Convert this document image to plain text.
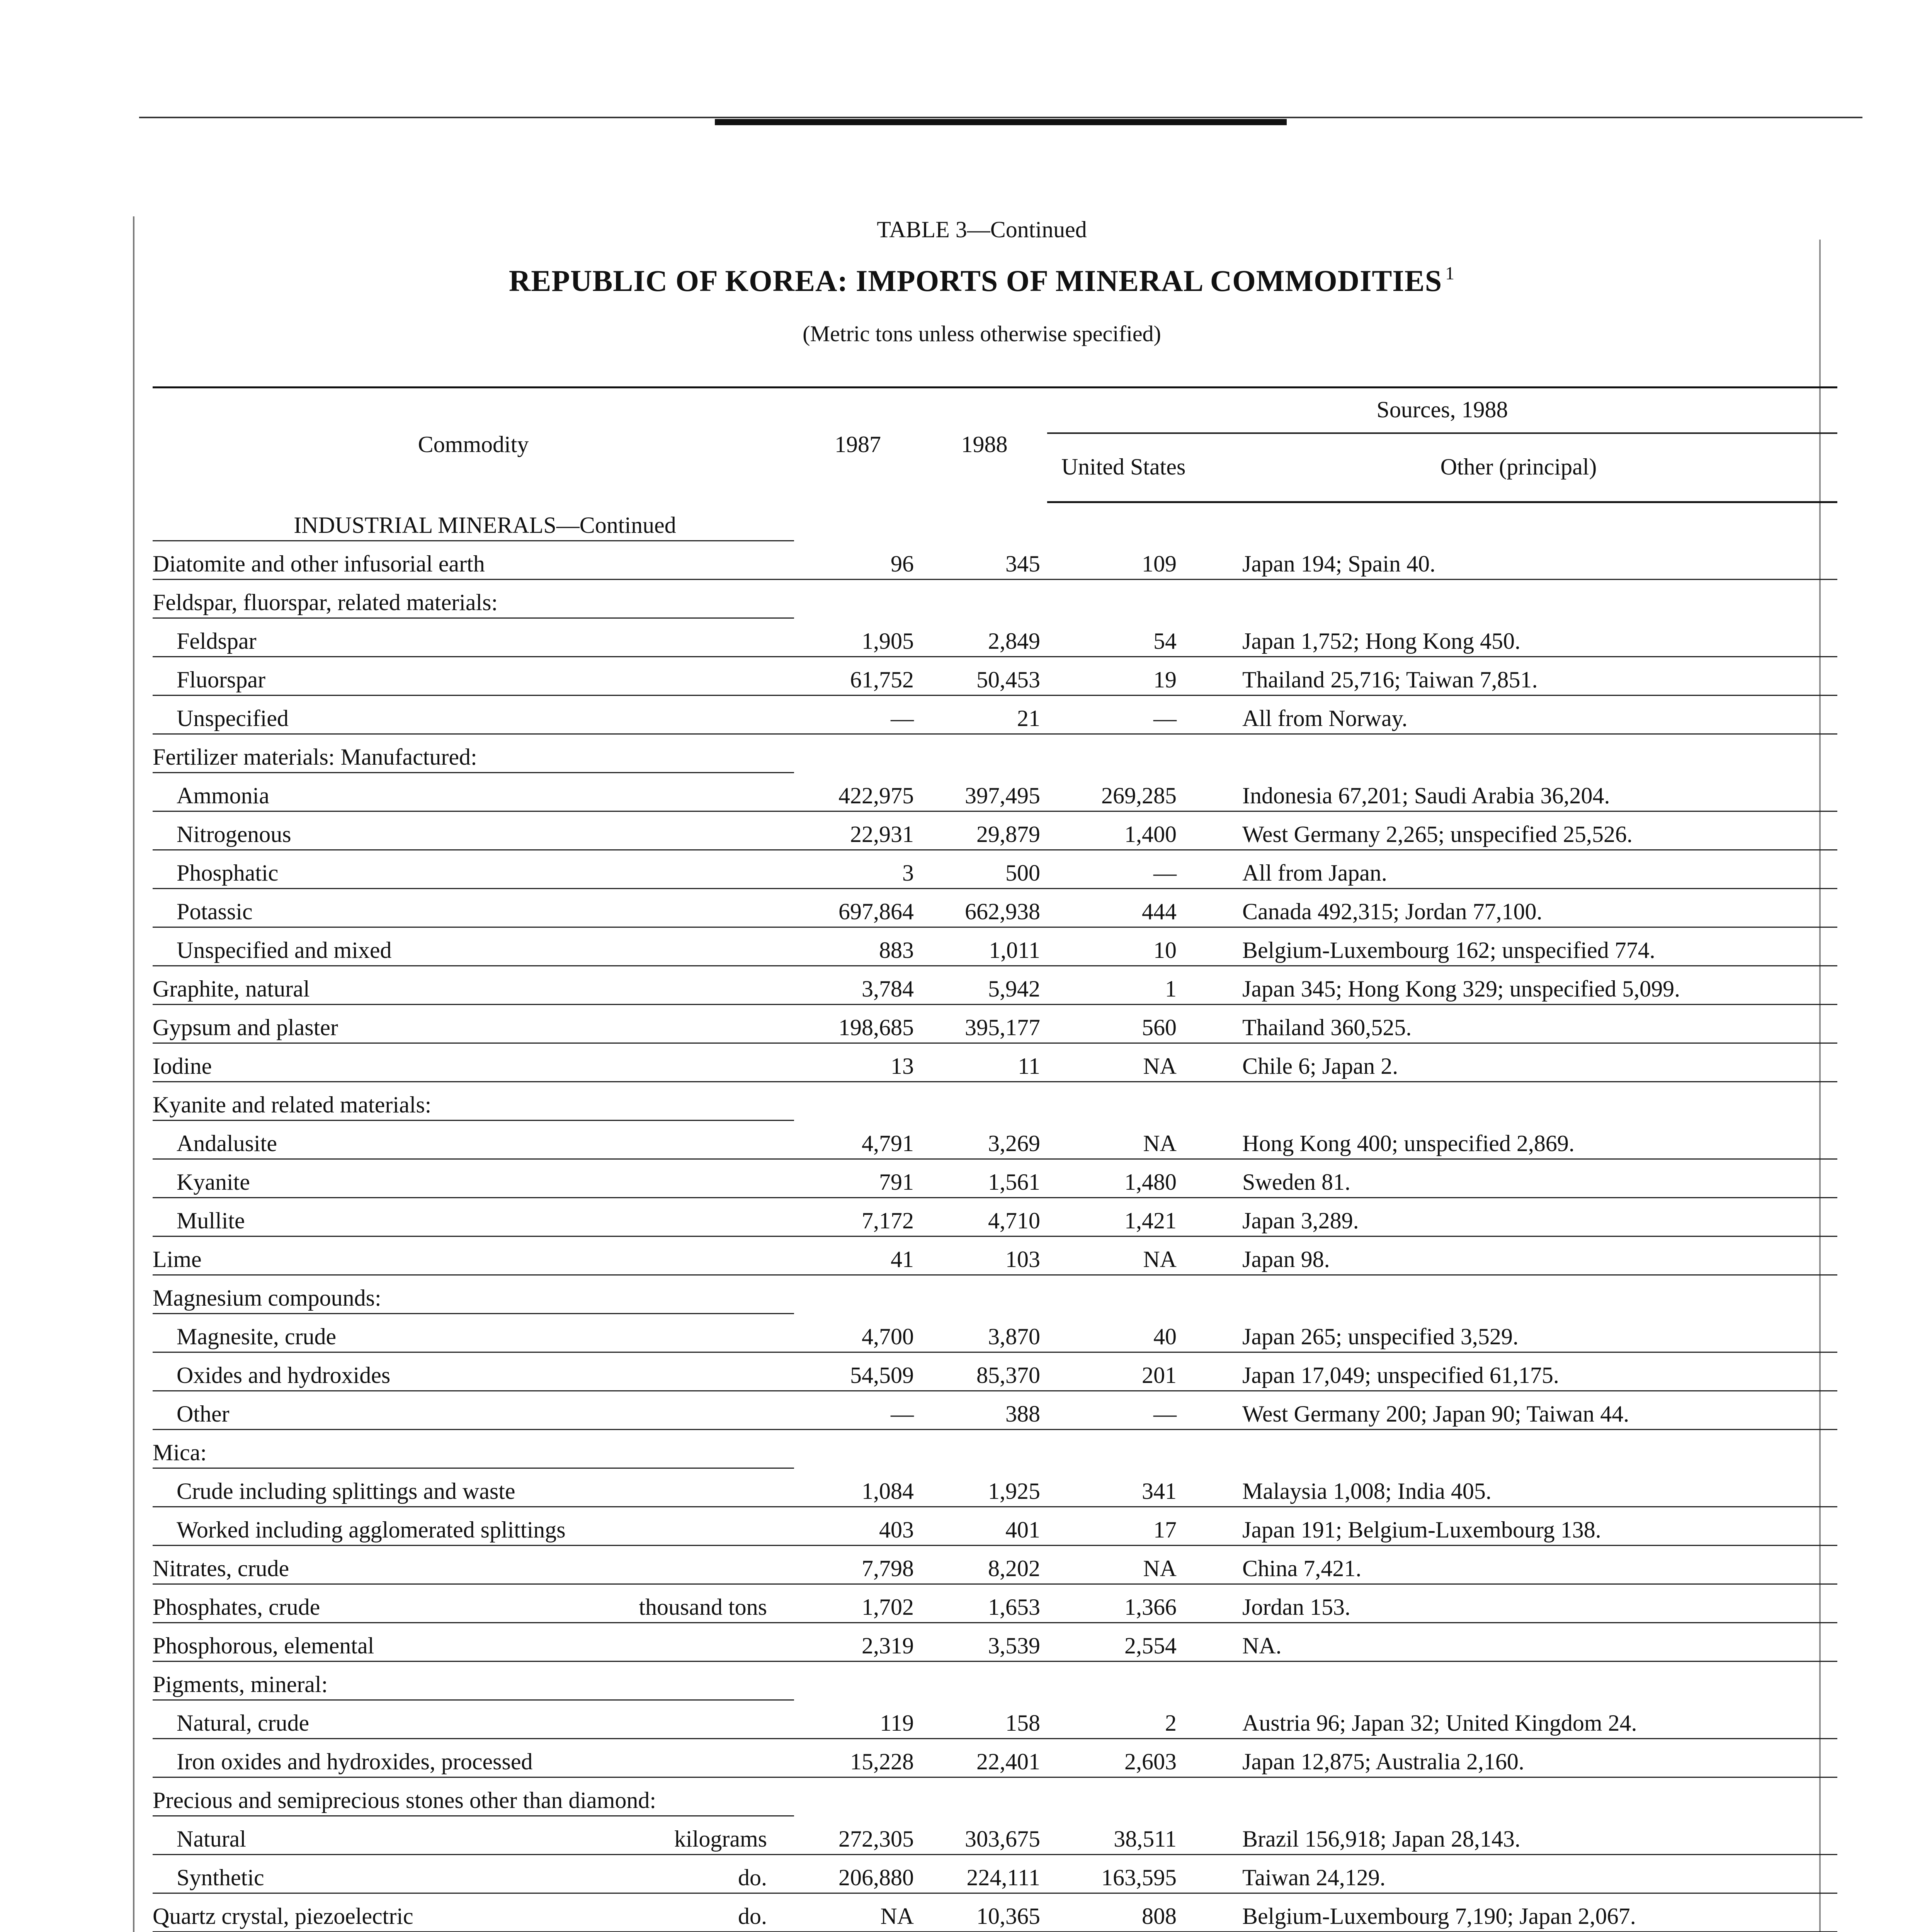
TABLE 3—Continued
REPUBLIC OF KOREA: IMPORTS OF MINERAL COMMODITIES $^1$
(Metric tons unless otherwise specified)

Commodity	1987	1988	Sources, 1988	
			United States	Other (principal)
INDUSTRIAL MINERALS—Continued				

Diatomite and other infusorial earth	96	345	109	Japan 194; Spain 40.

Feldspar, fluorspar, related materials:				

Feldspar	1,905	2,849	54	Japan 1,752; Hong Kong 450.

Fluorspar	61,752	50,453	19	Thailand 25,716; Taiwan 7,851.

Unspecified	—	21	—	All from Norway.

Fertilizer materials: Manufactured:				

Ammonia	422,975	397,495	269,285	Indonesia 67,201; Saudi Arabia 36,204.

Nitrogenous	22,931	29,879	1,400	West Germany 2,265; unspecified 25,526.

Phosphatic	3	500	—	All from Japan.

Potassic	697,864	662,938	444	Canada 492,315; Jordan 77,100.

Unspecified and mixed	883	1,011	10	Belgium-Luxembourg 162; unspecified 774.

Graphite, natural	3,784	5,942	1	Japan 345; Hong Kong 329; unspecified 5,099.

Gypsum and plaster	198,685	395,177	560	Thailand 360,525.

Iodine	13	11	NA	Chile 6; Japan 2.

Kyanite and related materials:				

Andalusite	4,791	3,269	NA	Hong Kong 400; unspecified 2,869.

Kyanite	791	1,561	1,480	Sweden 81.

Mullite	7,172	4,710	1,421	Japan 3,289.

Lime	41	103	NA	Japan 98.

Magnesium compounds:				

Magnesite, crude	4,700	3,870	40	Japan 265; unspecified 3,529.

Oxides and hydroxides	54,509	85,370	201	Japan 17,049; unspecified 61,175.

Other	—	388	—	West Germany 200; Japan 90; Taiwan 44.

Mica:				

Crude including splittings and waste	1,084	1,925	341	Malaysia 1,008; India 405.

Worked including agglomerated splittings	403	401	17	Japan 191; Belgium-Luxembourg 138.

Nitrates, crude	7,798	8,202	NA	China 7,421.

Phosphates, crude thousand tons	1,702	1,653	1,366	Jordan 153.

Phosphorous, elemental	2,319	3,539	2,554	NA.

Pigments, mineral:				

Natural, crude	119	158	2	Austria 96; Japan 32; United Kingdom 24.

Iron oxides and hydroxides, processed	15,228	22,401	2,603	Japan 12,875; Australia 2,160.

Precious and semiprecious stones other than diamond:				

Natural kilograms	272,305	303,675	38,511	Brazil 156,918; Japan 28,143.

Synthetic do.	206,880	224,111	163,595	Taiwan 24,129.

Quartz crystal, piezoelectric do.	NA	10,365	808	Belgium-Luxembourg 7,190; Japan 2,067.
